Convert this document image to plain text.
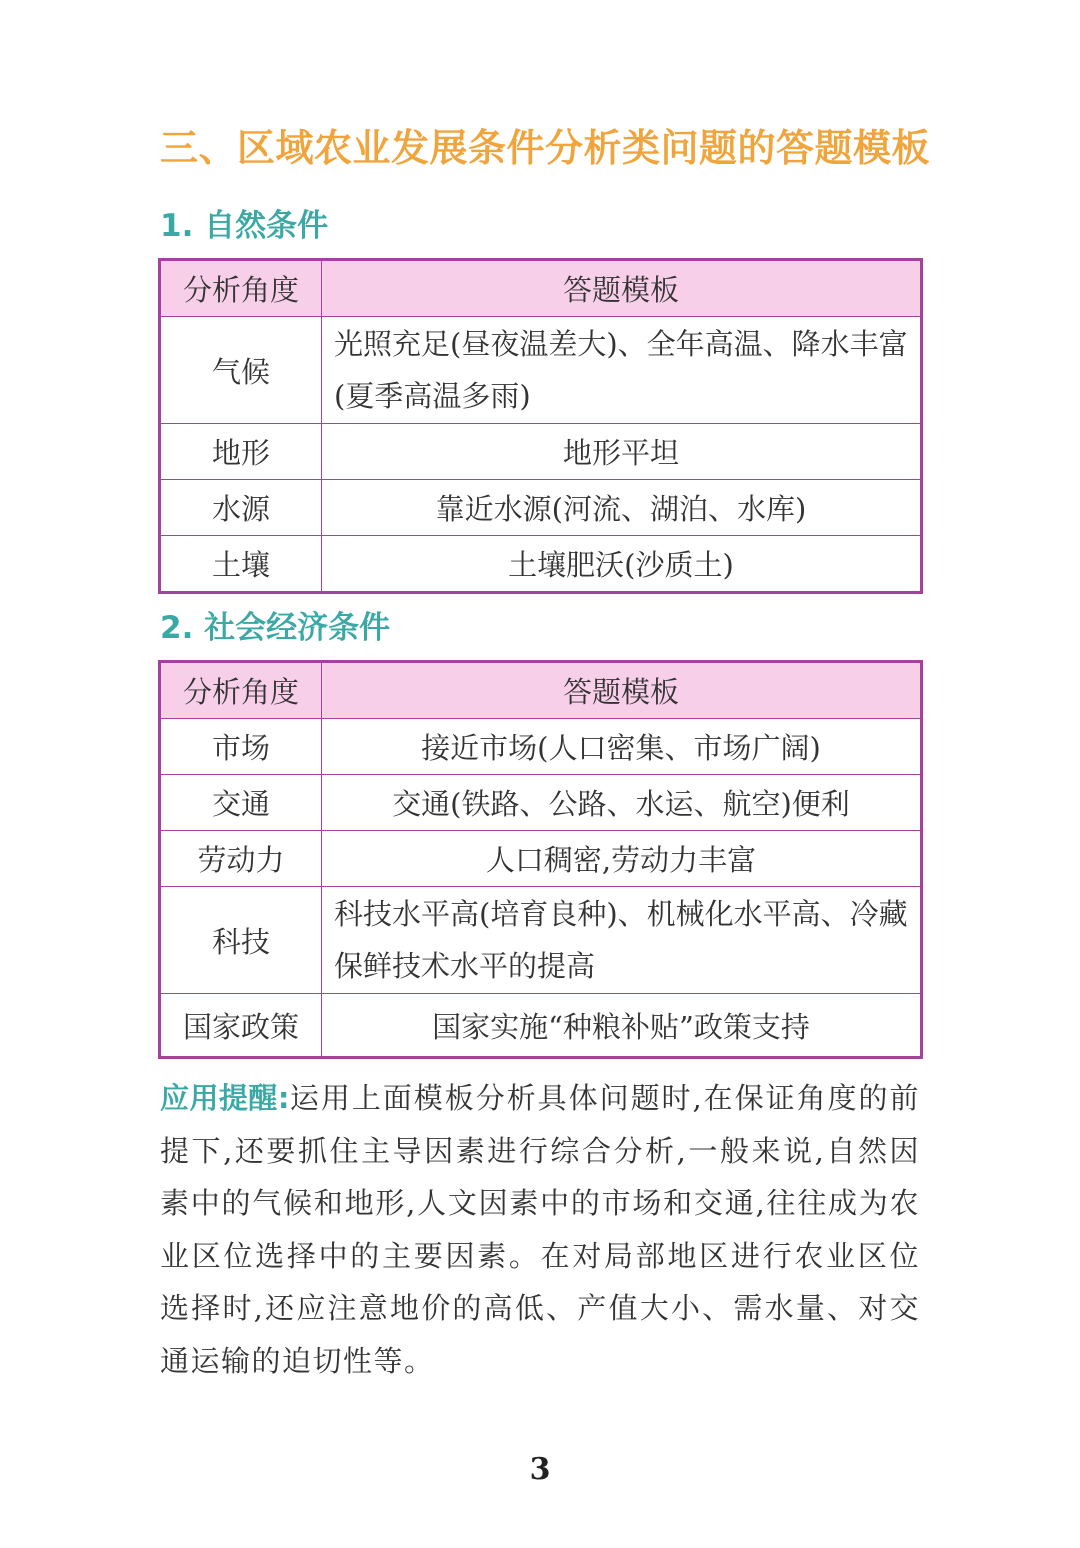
三、区域农业发展条件分析类问题的答题模板
1. 自然条件
分析角度	答题模板
气候	光照充足(昼夜温差大)、全年高温、降水丰富(夏季高温多雨)
地形	地形平坦
水源	靠近水源(河流、湖泊、水库)
土壤	土壤肥沃(沙质土)
2. 社会经济条件
分析角度	答题模板
市场	接近市场(人口密集、市场广阔)
交通	交通(铁路、公路、水运、航空)便利
劳动力	人口稠密,劳动力丰富
科技	科技水平高(培育良种)、机械化水平高、冷藏保鲜技术水平的提高
国家政策	国家实施“种粮补贴”政策支持
应用提醒:运用上面模板分析具体问题时,在保证角度的前提下,还要抓住主导因素进行综合分析,一般来说,自然因素中的气候和地形,人文因素中的市场和交通,往往成为农业区位选择中的主要因素。在对局部地区进行农业区位选择时,还应注意地价的高低、产值大小、需水量、对交通运输的迫切性等。
3
